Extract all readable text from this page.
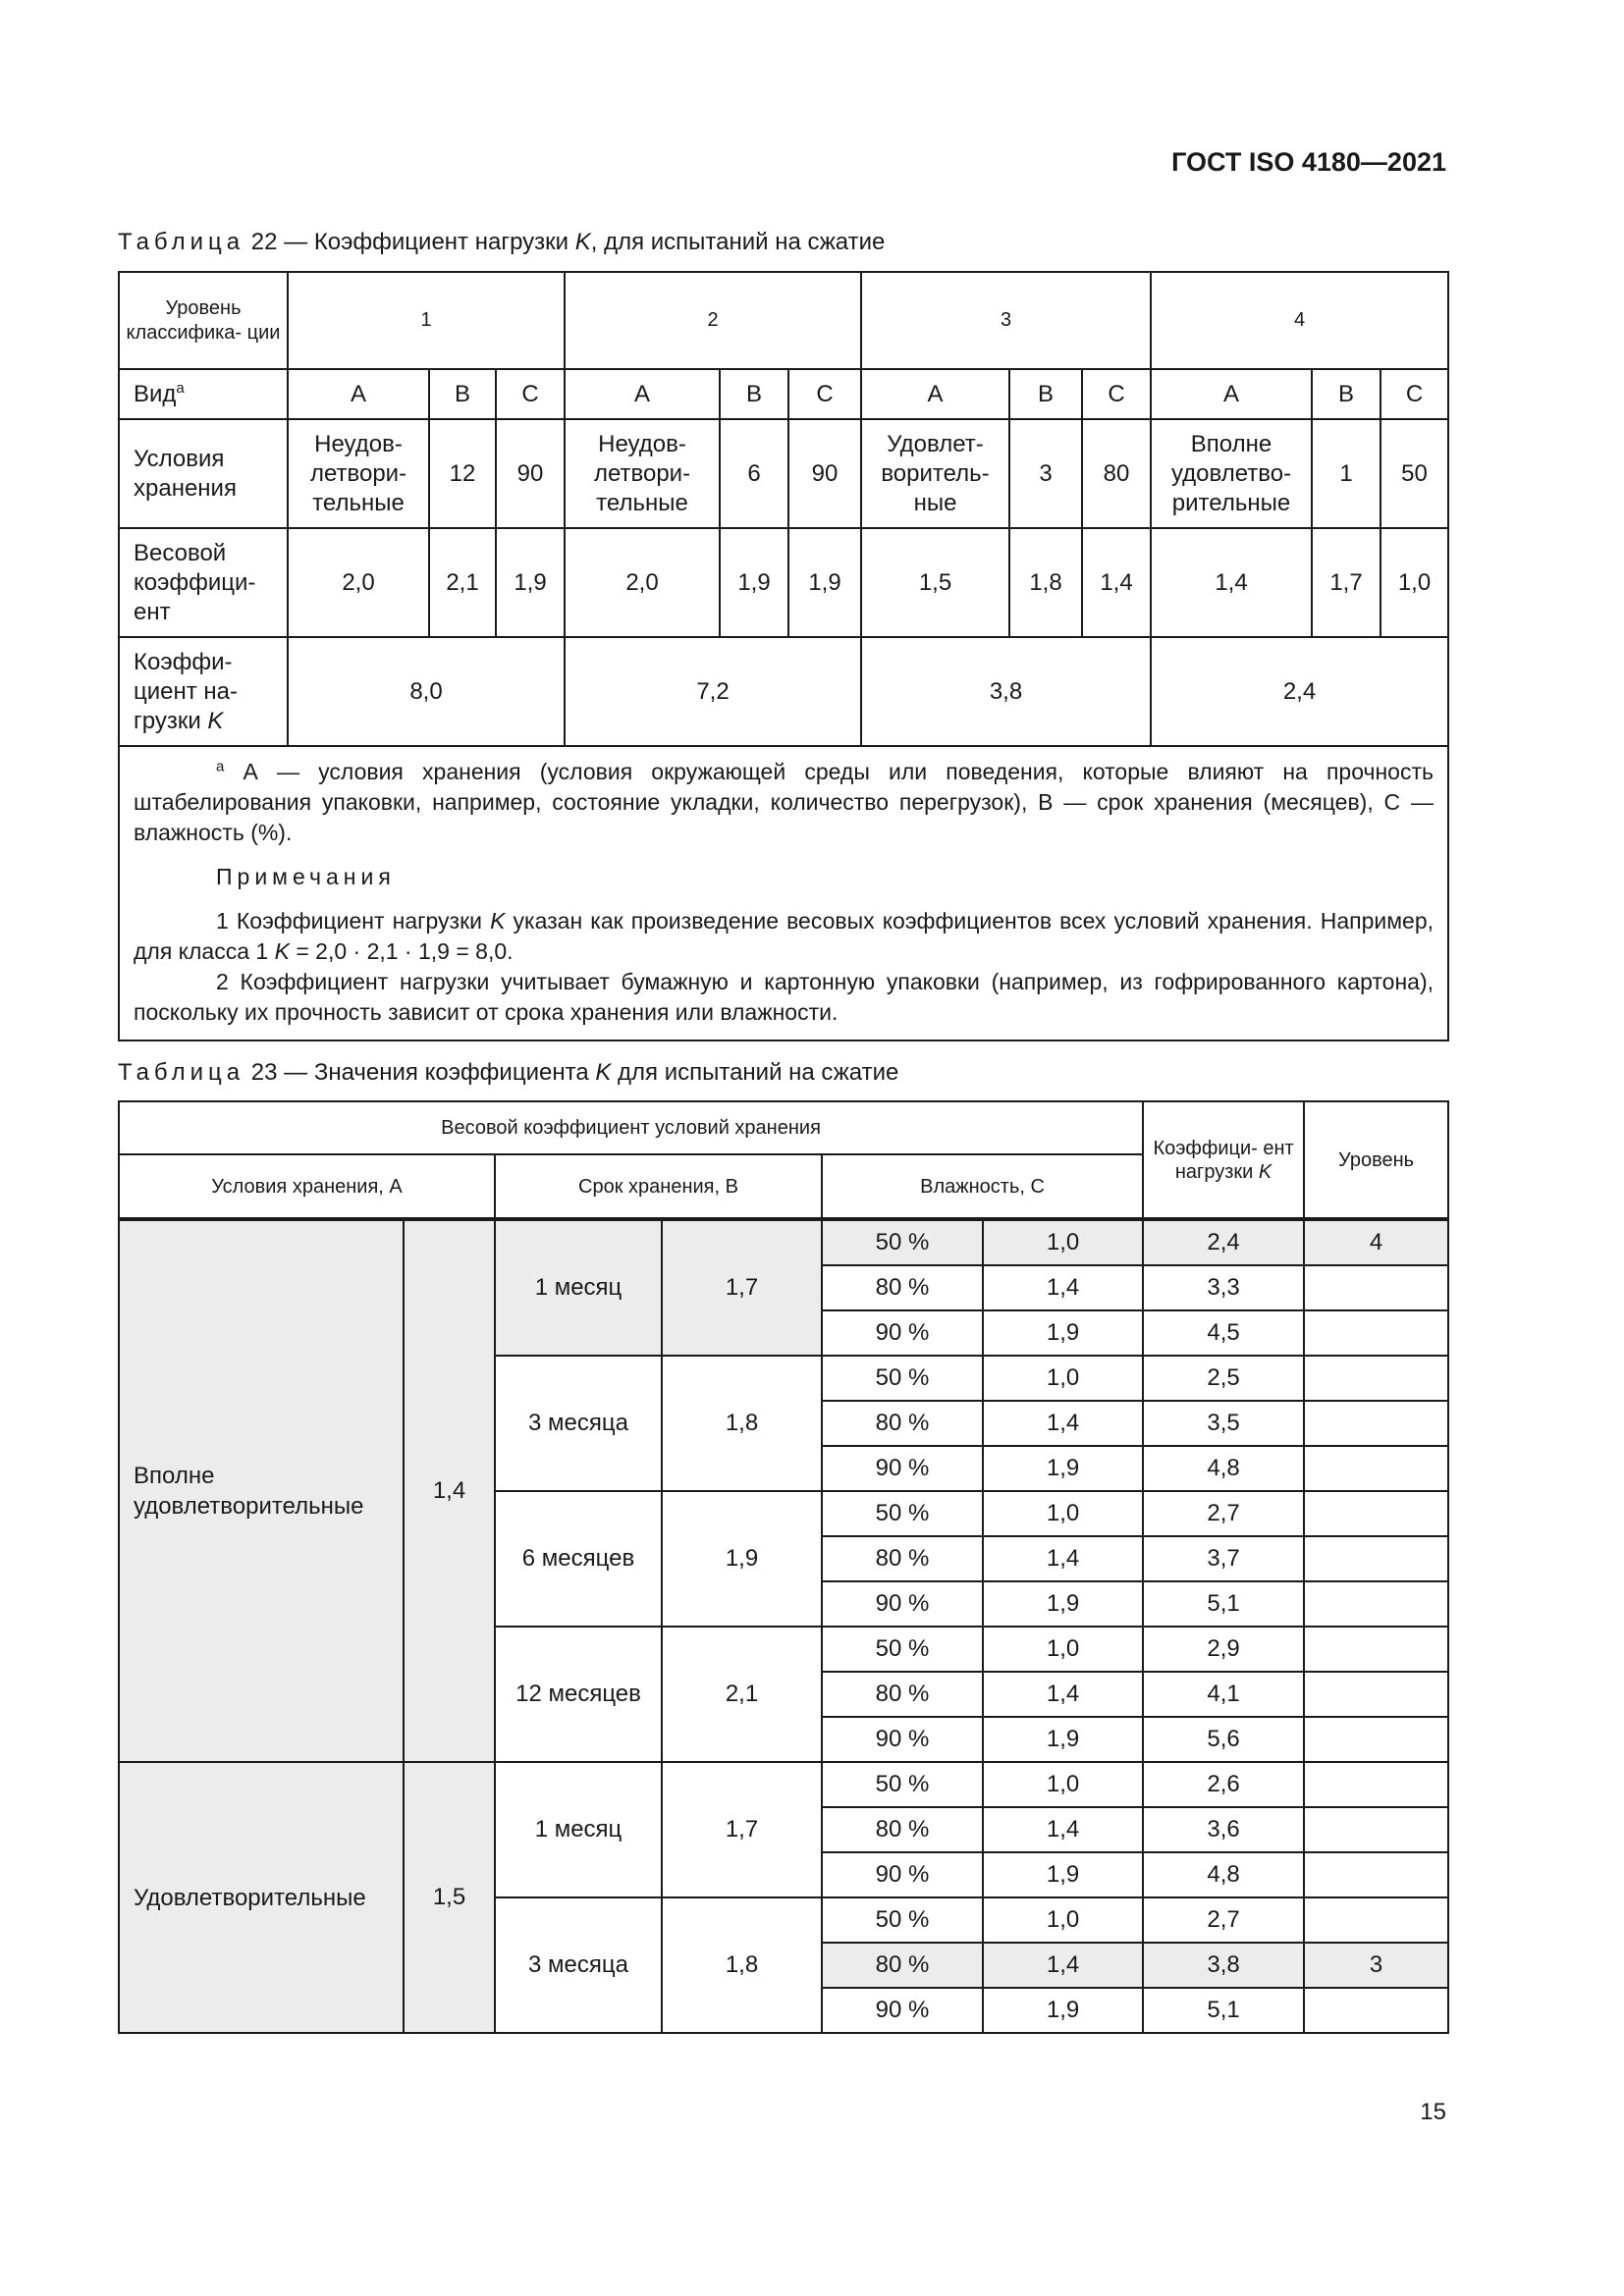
ГОСТ ISO 4180—2021
Таблица 22 — Коэффициент нагрузки K, для испытаний на сжатие
Уровень классифика- ции	1			2			3			4		
Вид$^а$	A	B	C	A	B	C	A	B	C	A	B	C
Условия хранения	Неудов- летвори- тельные	12	90	Неудов- летвори- тельные	6	90	Удовлет- воритель- ные	3	80	Вполне удовлетво- рительные	1	50
Весовой коэффици- ент	2,0	2,1	1,9	2,0	1,9	1,9	1,5	1,8	1,4	1,4	1,7	1,0
Коэффи- циент на- грузки K	8,0			7,2			3,8			2,4		

$^а$ А — условия хранения (условия окружающей среды или поведения, которые влияют на прочность штабелирования упаковки, например, состояние укладки, количество перегрузок), В — срок хранения (месяцев), С — влажность (%).

Примечания

1 Коэффициент нагрузки K указан как произведение весовых коэффициентов всех условий хранения. Например, для класса 1 K = 2,0 · 2,1 · 1,9 = 8,0.

2 Коэффициент нагрузки учитывает бумажную и картонную упаковки (например, из гофрированного картона), поскольку их прочность зависит от срока хранения или влажности.												

Таблица 23 — Значения коэффициента K для испытаний на сжатие
Весовой коэффициент условий хранения						Коэффици- ент нагрузки K	Уровень
Условия хранения, А		Срок хранения, B		Влажность, C			
Вполне удовлетворительные	1,4	1 месяц	1,7	50 %	1,0	2,4	4
				80 %	1,4	3,3	
				90 %	1,9	4,5	
		3 месяца	1,8	50 %	1,0	2,5	
				80 %	1,4	3,5	
				90 %	1,9	4,8	
		6 месяцев	1,9	50 %	1,0	2,7	
				80 %	1,4	3,7	
				90 %	1,9	5,1	
		12 месяцев	2,1	50 %	1,0	2,9	
				80 %	1,4	4,1	
				90 %	1,9	5,6	
Удовлетворительные	1,5	1 месяц	1,7	50 %	1,0	2,6	
				80 %	1,4	3,6	
				90 %	1,9	4,8	
		3 месяца	1,8	50 %	1,0	2,7	
				80 %	1,4	3,8	3
				90 %	1,9	5,1	
15
